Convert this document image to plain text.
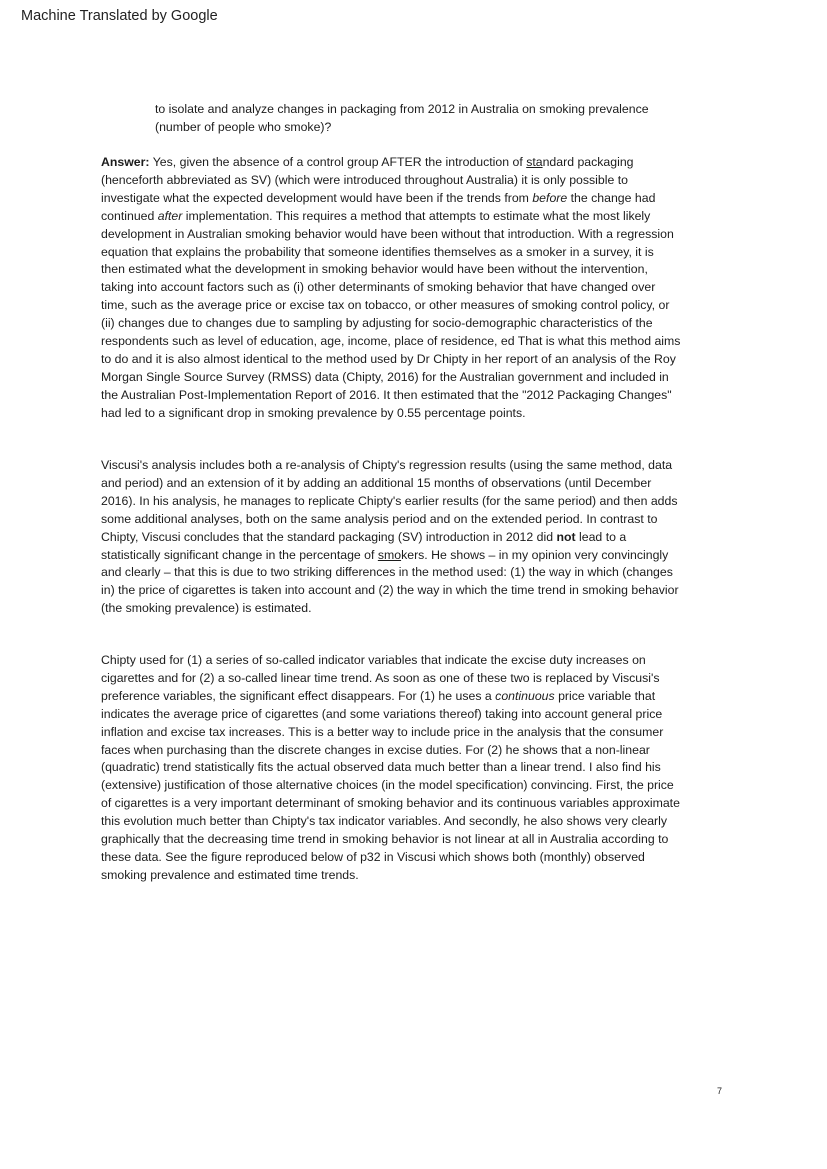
Machine Translated by Google
to isolate and analyze changes in packaging from 2012 in Australia on smoking prevalence
(number of people who smoke)?
Answer: Yes, given the absence of a control group AFTER the introduction of standard packaging
(henceforth abbreviated as SV) (which were introduced throughout Australia) it is only possible to
investigate what the expected development would have been if the trends from before the change had
continued after implementation. This requires a method that attempts to estimate what the most likely
development in Australian smoking behavior would have been without that introduction. With a regression
equation that explains the probability that someone identifies themselves as a smoker in a survey, it is
then estimated what the development in smoking behavior would have been without the intervention,
taking into account factors such as (i) other determinants of smoking behavior that have changed over
time, such as the average price or excise tax on tobacco, or other measures of smoking control policy, or
(ii) changes due to changes due to sampling by adjusting for socio-demographic characteristics of the
respondents such as level of education, age, income, place of residence, ed That is what this method aims
to do and it is also almost identical to the method used by Dr Chipty in her report of an analysis of the Roy
Morgan Single Source Survey (RMSS) data (Chipty, 2016) for the Australian government and included in
the Australian Post-Implementation Report of 2016. It then estimated that the "2012 Packaging Changes"
had led to a significant drop in smoking prevalence by 0.55 percentage points.
Viscusi's analysis includes both a re-analysis of Chipty's regression results (using the same method, data
and period) and an extension of it by adding an additional 15 months of observations (until December
2016). In his analysis, he manages to replicate Chipty's earlier results (for the same period) and then adds
some additional analyses, both on the same analysis period and on the extended period. In contrast to
Chipty, Viscusi concludes that the standard packaging (SV) introduction in 2012 did not lead to a
statistically significant change in the percentage of smokers. He shows – in my opinion very convincingly
and clearly – that this is due to two striking differences in the method used: (1) the way in which (changes
in) the price of cigarettes is taken into account and (2) the way in which the time trend in smoking behavior
(the smoking prevalence) is estimated.
Chipty used for (1) a series of so-called indicator variables that indicate the excise duty increases on
cigarettes and for (2) a so-called linear time trend. As soon as one of these two is replaced by Viscusi's
preference variables, the significant effect disappears. For (1) he uses a continuous price variable that
indicates the average price of cigarettes (and some variations thereof) taking into account general price
inflation and excise tax increases. This is a better way to include price in the analysis that the consumer
faces when purchasing than the discrete changes in excise duties. For (2) he shows that a non-linear
(quadratic) trend statistically fits the actual observed data much better than a linear trend. I also find his
(extensive) justification of those alternative choices (in the model specification) convincing. First, the price
of cigarettes is a very important determinant of smoking behavior and its continuous variables approximate
this evolution much better than Chipty's tax indicator variables. And secondly, he also shows very clearly
graphically that the decreasing time trend in smoking behavior is not linear at all in Australia according to
these data. See the figure reproduced below of p32 in Viscusi which shows both (monthly) observed
smoking prevalence and estimated time trends.
7
